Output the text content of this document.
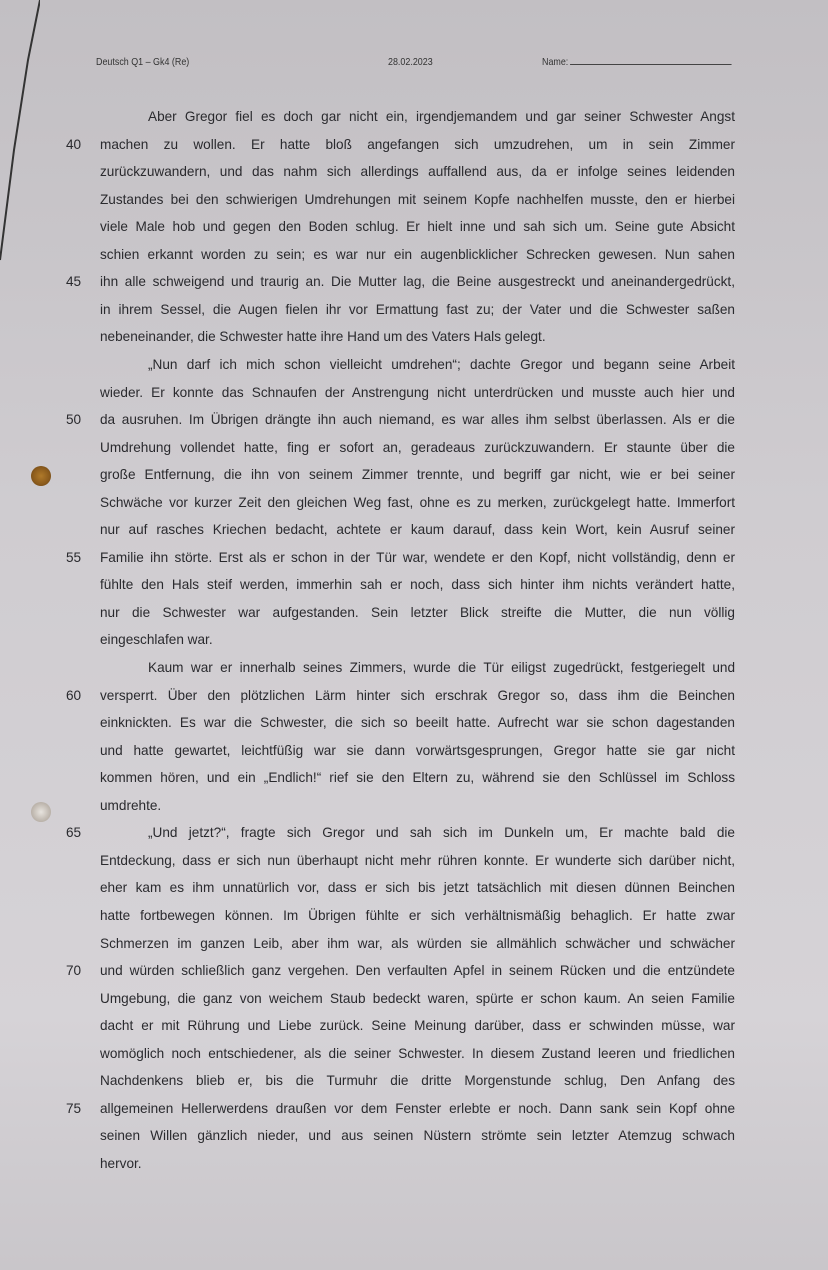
Deutsch Q1 – Gk4 (Re)	28.02.2023	Name:
Aber Gregor fiel es doch gar nicht ein, irgendjemandem und gar seiner Schwester Angst
40 machen zu wollen. Er hatte bloß angefangen sich umzudrehen, um in sein Zimmer
zurückzuwandern, und das nahm sich allerdings auffallend aus, da er infolge seines leidenden
Zustandes bei den schwierigen Umdrehungen mit seinem Kopfe nachhelfen musste, den er hierbei
viele Male hob und gegen den Boden schlug. Er hielt inne und sah sich um. Seine gute Absicht
schien erkannt worden zu sein; es war nur ein augenblicklicher Schrecken gewesen. Nun sahen
45 ihn alle schweigend und traurig an. Die Mutter lag, die Beine ausgestreckt und aneinandergedrückt,
in ihrem Sessel, die Augen fielen ihr vor Ermattung fast zu; der Vater und die Schwester saßen
nebeneinander, die Schwester hatte ihre Hand um des Vaters Hals gelegt.
„Nun darf ich mich schon vielleicht umdrehen“; dachte Gregor und begann seine Arbeit
wieder. Er konnte das Schnaufen der Anstrengung nicht unterdrücken und musste auch hier und
50 da ausruhen. Im Übrigen drängte ihn auch niemand, es war alles ihm selbst überlassen. Als er die
Umdrehung vollendet hatte, fing er sofort an, geradeaus zurückzuwandern. Er staunte über die
große Entfernung, die ihn von seinem Zimmer trennte, und begriff gar nicht, wie er bei seiner
Schwäche vor kurzer Zeit den gleichen Weg fast, ohne es zu merken, zurückgelegt hatte. Immerfort
nur auf rasches Kriechen bedacht, achtete er kaum darauf, dass kein Wort, kein Ausruf seiner
55 Familie ihn störte. Erst als er schon in der Tür war, wendete er den Kopf, nicht vollständig, denn er
fühlte den Hals steif werden, immerhin sah er noch, dass sich hinter ihm nichts verändert hatte,
nur die Schwester war aufgestanden. Sein letzter Blick streifte die Mutter, die nun völlig
eingeschlafen war.
Kaum war er innerhalb seines Zimmers, wurde die Tür eiligst zugedrückt, festgeriegelt und
60 versperrt. Über den plötzlichen Lärm hinter sich erschrak Gregor so, dass ihm die Beinchen
einknickten. Es war die Schwester, die sich so beeilt hatte. Aufrecht war sie schon dagestanden
und hatte gewartet, leichtfüßig war sie dann vorwärtsgesprungen, Gregor hatte sie gar nicht
kommen hören, und ein „Endlich!“ rief sie den Eltern zu, während sie den Schlüssel im Schloss
umdrehte.
65	„Und jetzt?“, fragte sich Gregor und sah sich im Dunkeln um, Er machte bald die
Entdeckung, dass er sich nun überhaupt nicht mehr rühren konnte. Er wunderte sich darüber nicht,
eher kam es ihm unnatürlich vor, dass er sich bis jetzt tatsächlich mit diesen dünnen Beinchen
hatte fortbewegen können. Im Übrigen fühlte er sich verhältnismäßig behaglich. Er hatte zwar
Schmerzen im ganzen Leib, aber ihm war, als würden sie allmählich schwächer und schwächer
70 und würden schließlich ganz vergehen. Den verfaulten Apfel in seinem Rücken und die entzündete
Umgebung, die ganz von weichem Staub bedeckt waren, spürte er schon kaum. An seien Familie
dacht er mit Rührung und Liebe zurück. Seine Meinung darüber, dass er schwinden müsse, war
womöglich noch entschiedener, als die seiner Schwester. In diesem Zustand leeren und friedlichen
Nachdenkens blieb er, bis die Turmuhr die dritte Morgenstunde schlug, Den Anfang des
75 allgemeinen Hellerwerdens draußen vor dem Fenster erlebte er noch. Dann sank sein Kopf ohne
seinen Willen gänzlich nieder, und aus seinen Nüstern strömte sein letzter Atemzug schwach
hervor.
